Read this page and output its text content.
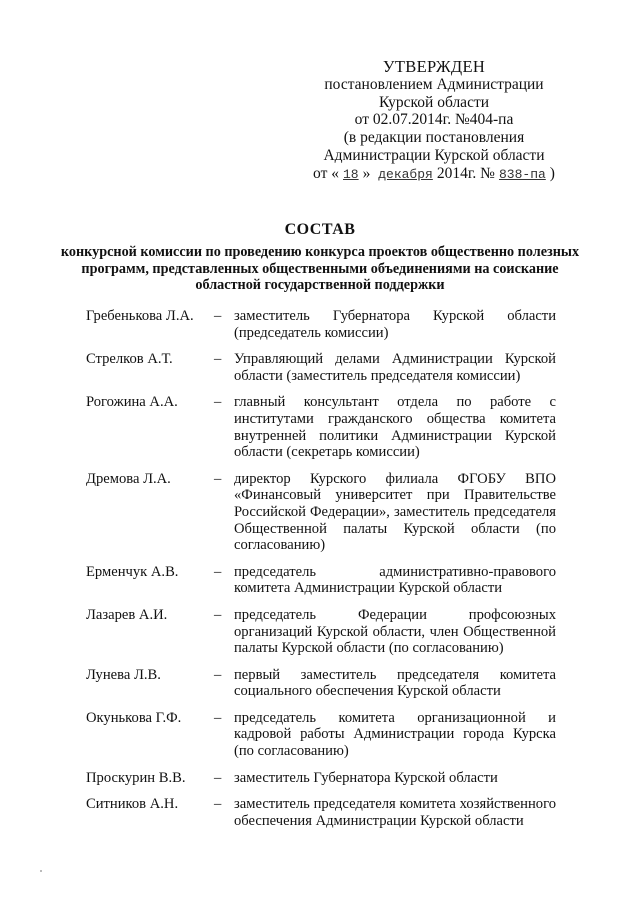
УТВЕРЖДЕН
постановлением Администрации
Курской области
от 02.07.2014г. №404-па
(в редакции постановления
Администрации Курской области
от « 18 » декабря 2014г. № 838-па )
СОСТАВ
конкурсной комиссии по проведению конкурса проектов общественно полезных программ, представленных общественными объединениями на соискание областной государственной поддержки
Гребенькова Л.А.	– заместитель Губернатора Курской области (председатель комиссии)
Стрелков А.Т.	– Управляющий делами Администрации Курской области (заместитель председателя комиссии)
Рогожина А.А.	– главный консультант отдела по работе с институтами гражданского общества комитета внутренней политики Администрации Курской области (секретарь комиссии)
Дремова Л.А.	– директор Курского филиала ФГОБУ ВПО «Финансовый университет при Правительстве Российской Федерации», заместитель председателя Общественной палаты Курской области (по согласованию)
Ерменчук А.В.	– председатель административно-правового комитета Администрации Курской области
Лазарев А.И.	– председатель Федерации профсоюзных организаций Курской области, член Общественной палаты Курской области (по согласованию)
Лунева Л.В.	– первый заместитель председателя комитета социального обеспечения Курской области
Окунькова Г.Ф.	– председатель комитета организационной и кадровой работы Администрации города Курска (по согласованию)
Проскурин В.В.	– заместитель Губернатора Курской области
Ситников А.Н.	– заместитель председателя комитета хозяйственного обеспечения Администрации Курской области
